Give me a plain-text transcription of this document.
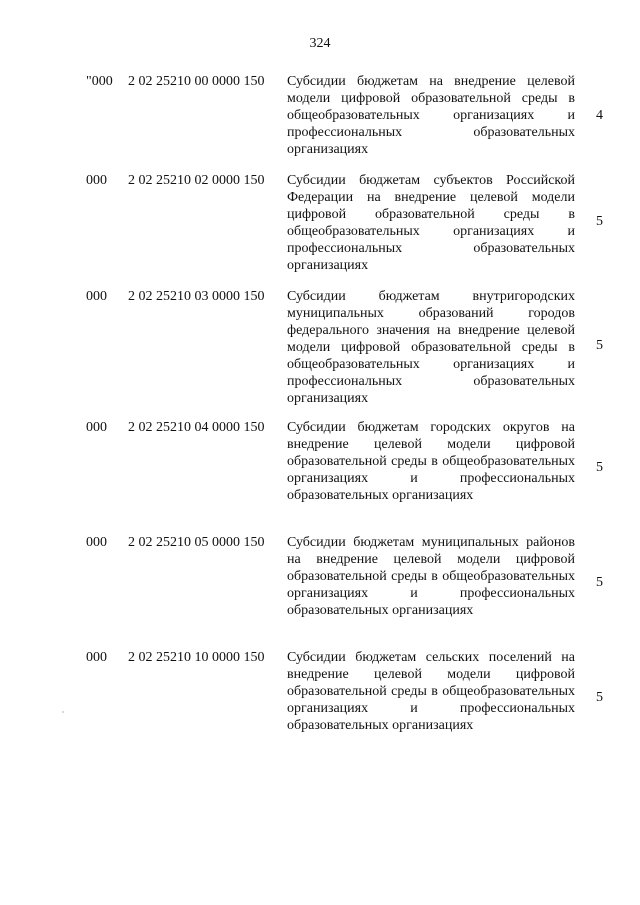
324
"000 2 02 25210 00 0000 150 Субсидии бюджетам на внедрение целевой модели цифровой образовательной среды в общеобразовательных организациях и профессиональных образовательных организациях

4
000 2 02 25210 02 0000 150 Субсидии бюджетам субъектов Российской Федерации на внедрение целевой модели цифровой образовательной среды в общеобразовательных организациях и профессиональных образовательных организациях

5
000 2 02 25210 03 0000 150 Субсидии бюджетам внутригородских муниципальных образований городов федерального значения на внедрение целевой модели цифровой образовательной среды в общеобразовательных организациях и профессиональных образовательных организациях

5
000 2 02 25210 04 0000 150 Субсидии бюджетам городских округов на внедрение целевой модели цифровой образовательной среды в общеобразовательных организациях и профессиональных образовательных организациях

5
000 2 02 25210 05 0000 150 Субсидии бюджетам муниципальных районов на внедрение целевой модели цифровой образовательной среды в общеобразовательных организациях и профессиональных образовательных организациях

5
000 2 02 25210 10 0000 150 Субсидии бюджетам сельских поселений на внедрение целевой модели цифровой образовательной среды в общеобразовательных организациях и профессиональных образовательных организациях

5
